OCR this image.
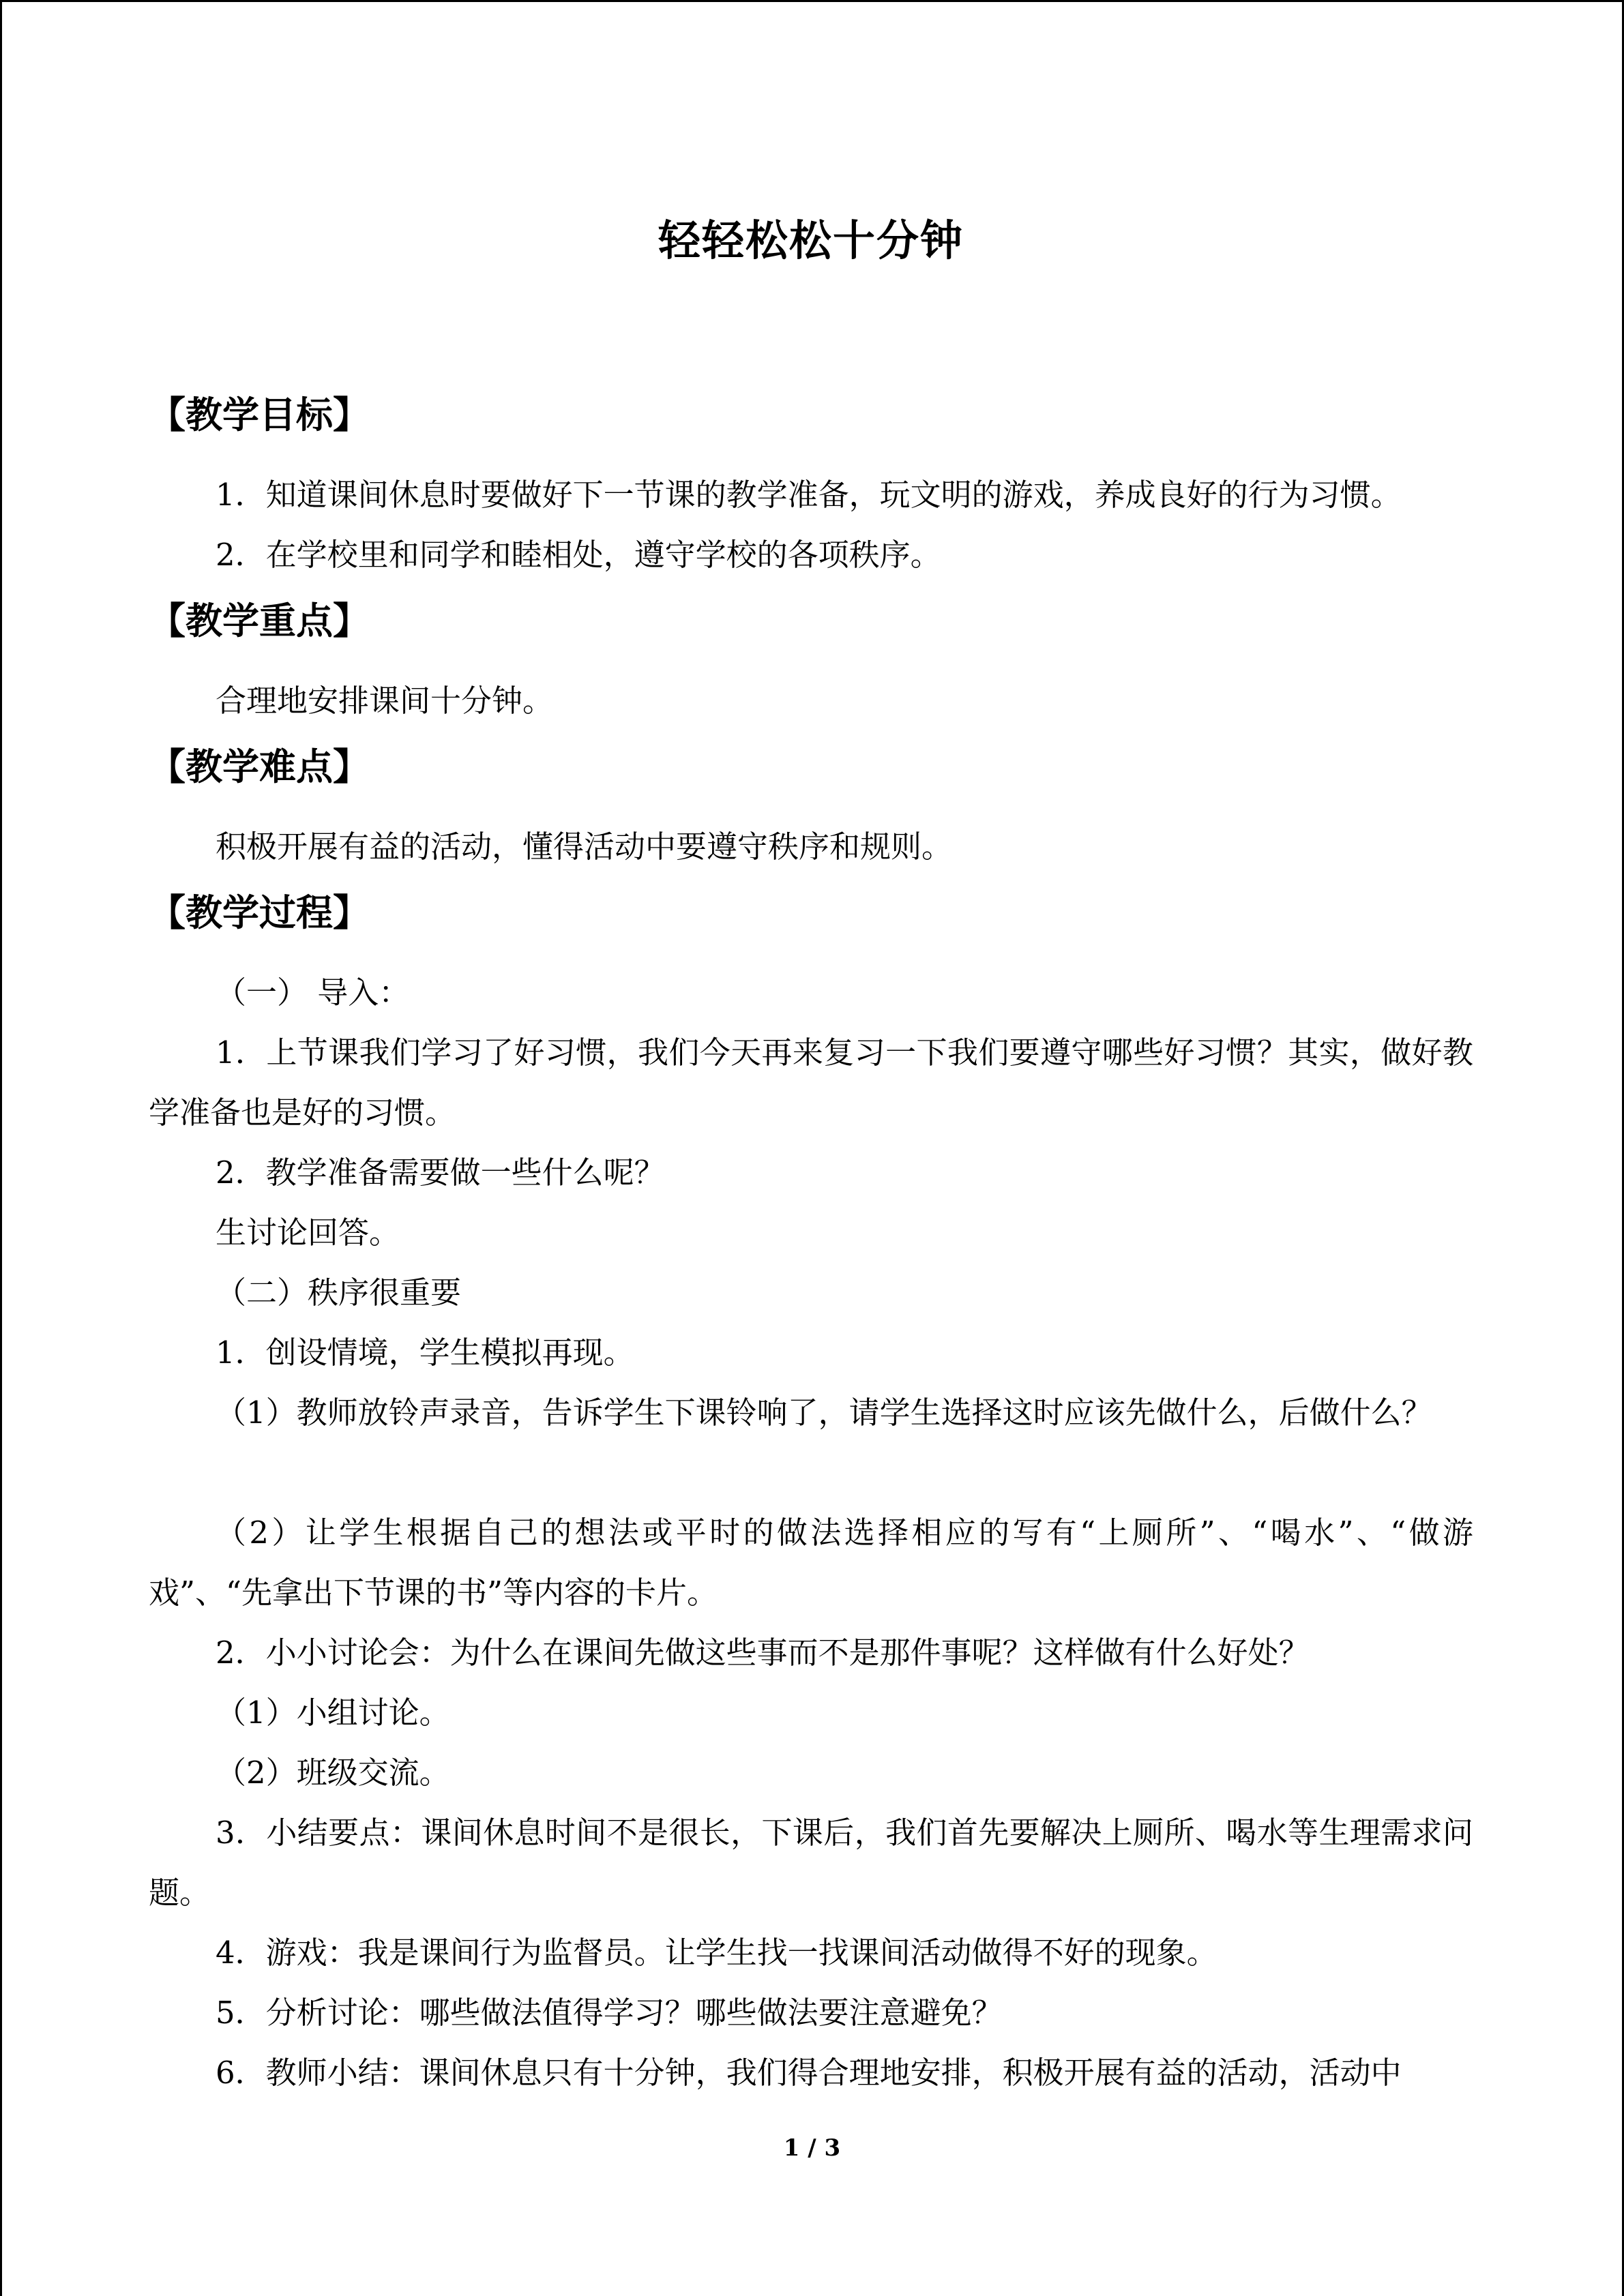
轻轻松松十分钟
【教学目标】
1．知道课间休息时要做好下一节课的教学准备，玩文明的游戏，养成良好的行为习惯。
2．在学校里和同学和睦相处，遵守学校的各项秩序。
【教学重点】
合理地安排课间十分钟。
【教学难点】
积极开展有益的活动，懂得活动中要遵守秩序和规则。
【教学过程】
（一） 导入：
1．上节课我们学习了好习惯，我们今天再来复习一下我们要遵守哪些好习惯？其实，做好教学准备也是好的习惯。
2．教学准备需要做一些什么呢？
生讨论回答。
（二）秩序很重要
1．创设情境，学生模拟再现。
（1）教师放铃声录音，告诉学生下课铃响了，请学生选择这时应该先做什么，后做什么？
（2）让学生根据自己的想法或平时的做法选择相应的写有“上厕所”、“喝水”、“做游戏”、“先拿出下节课的书”等内容的卡片。
2．小小讨论会：为什么在课间先做这些事而不是那件事呢？这样做有什么好处？
（1）小组讨论。
（2）班级交流。
3．小结要点：课间休息时间不是很长，下课后，我们首先要解决上厕所、喝水等生理需求问题。
4．游戏：我是课间行为监督员。让学生找一找课间活动做得不好的现象。
5．分析讨论：哪些做法值得学习？哪些做法要注意避免？
6．教师小结：课间休息只有十分钟，我们得合理地安排，积极开展有益的活动，活动中
1 / 3
